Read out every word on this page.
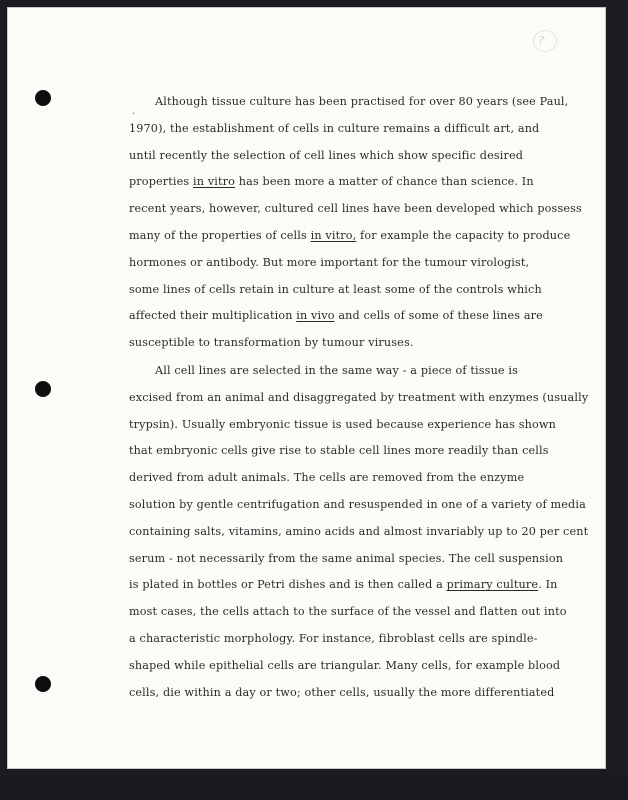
?
.
Although tissue culture has been practised for over 80 years (see Paul,
1970), the establishment of cells in culture remains a difficult art, and
until recently the selection of cell lines which show specific desired
properties in vitro has been more a matter of chance than science. In
recent years, however, cultured cell lines have been developed which possess
many of the properties of cells in vitro, for example the capacity to produce
hormones or antibody. But more important for the tumour virologist,
some lines of cells retain in culture at least some of the controls which
affected their multiplication in vivo and cells of some of these lines are
susceptible to transformation by tumour viruses.
All cell lines are selected in the same way - a piece of tissue is
excised from an animal and disaggregated by treatment with enzymes (usually
trypsin). Usually embryonic tissue is used because experience has shown
that embryonic cells give rise to stable cell lines more readily than cells
derived from adult animals. The cells are removed from the enzyme
solution by gentle centrifugation and resuspended in one of a variety of media
containing salts, vitamins, amino acids and almost invariably up to 20 per cent
serum - not necessarily from the same animal species. The cell suspension
is plated in bottles or Petri dishes and is then called a primary culture. In
most cases, the cells attach to the surface of the vessel and flatten out into
a characteristic morphology. For instance, fibroblast cells are spindle-
shaped while epithelial cells are triangular. Many cells, for example blood
cells, die within a day or two; other cells, usually the more differentiated
